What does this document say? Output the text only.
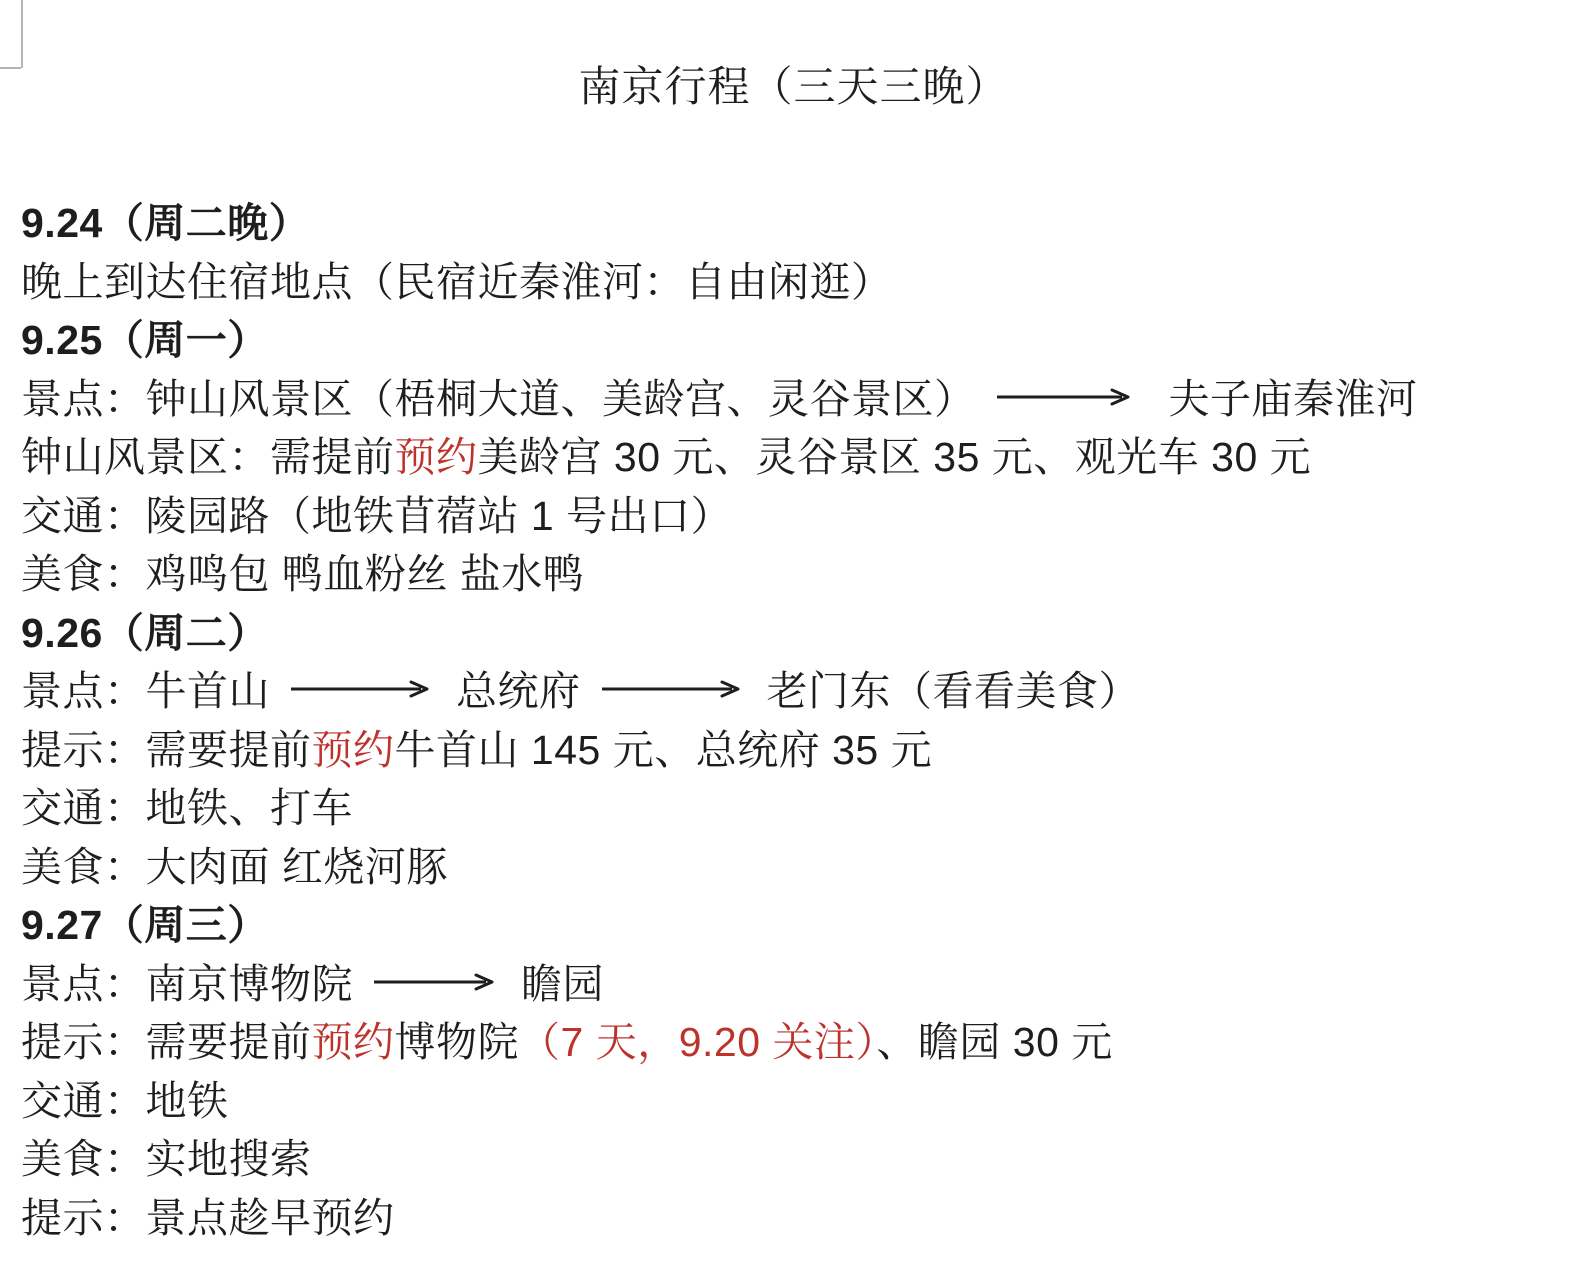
南京行程（三天三晚）

9.24（周二晚）

晚上到达住宿地点（民宿近秦淮河：自由闲逛）

9.25（周一）

景点：钟山风景区（梧桐大道、美龄宫、灵谷景区）	夫子庙秦淮河

钟山风景区：需提前预约美龄宫 30 元、灵谷景区 35 元、观光车 30 元

交通：陵园路（地铁苜蓿站 1 号出口）

美食：鸡鸣包 鸭血粉丝 盐水鸭

9.26（周二）

景点：牛首山	总统府	老门东（看看美食）

提示：需要提前预约牛首山 145 元、总统府 35 元

交通：地铁、打车

美食：大肉面 红烧河豚

9.27（周三）

景点：南京博物院	瞻园

提示：需要提前预约博物院（7 天，9.20 关注）、瞻园 30 元

交通：地铁

美食：实地搜索

提示：景点趁早预约
